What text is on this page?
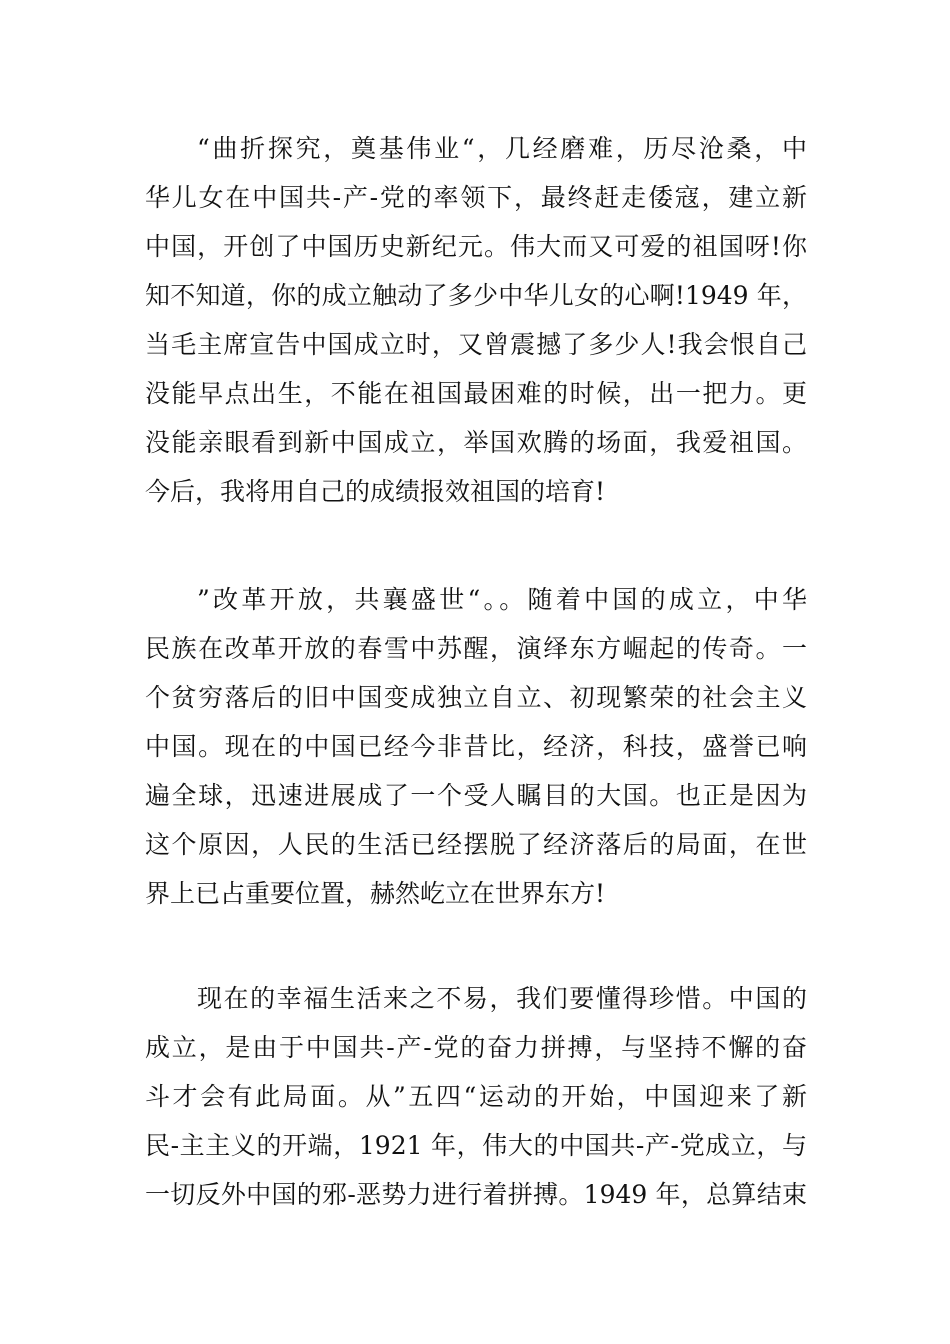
“曲折探究，奠基伟业“，几经磨难，历尽沧桑，中
华儿女在中国共-产-党的率领下，最终赶走倭寇，建立新
中国，开创了中国历史新纪元。伟大而又可爱的祖国呀!你
知不知道，你的成立触动了多少中华儿女的心啊!1949 年，
当毛主席宣告中国成立时，又曾震撼了多少人!我会恨自己
没能早点出生，不能在祖国最困难的时候，出一把力。更
没能亲眼看到新中国成立，举国欢腾的场面，我爱祖国。
今后，我将用自己的成绩报效祖国的培育!
”改革开放，共襄盛世“。。随着中国的成立，中华
民族在改革开放的春雪中苏醒，演绎东方崛起的传奇。一
个贫穷落后的旧中国变成独立自立、初现繁荣的社会主义
中国。现在的中国已经今非昔比，经济，科技，盛誉已响
遍全球，迅速进展成了一个受人瞩目的大国。也正是因为
这个原因，人民的生活已经摆脱了经济落后的局面，在世
界上已占重要位置，赫然屹立在世界东方!
现在的幸福生活来之不易，我们要懂得珍惜。中国的
成立，是由于中国共-产-党的奋力拼搏，与坚持不懈的奋
斗才会有此局面。从”五四“运动的开始，中国迎来了新
民-主主义的开端，1921 年，伟大的中国共-产-党成立，与
一切反外中国的邪-恶势力进行着拼搏。1949 年，总算结束
